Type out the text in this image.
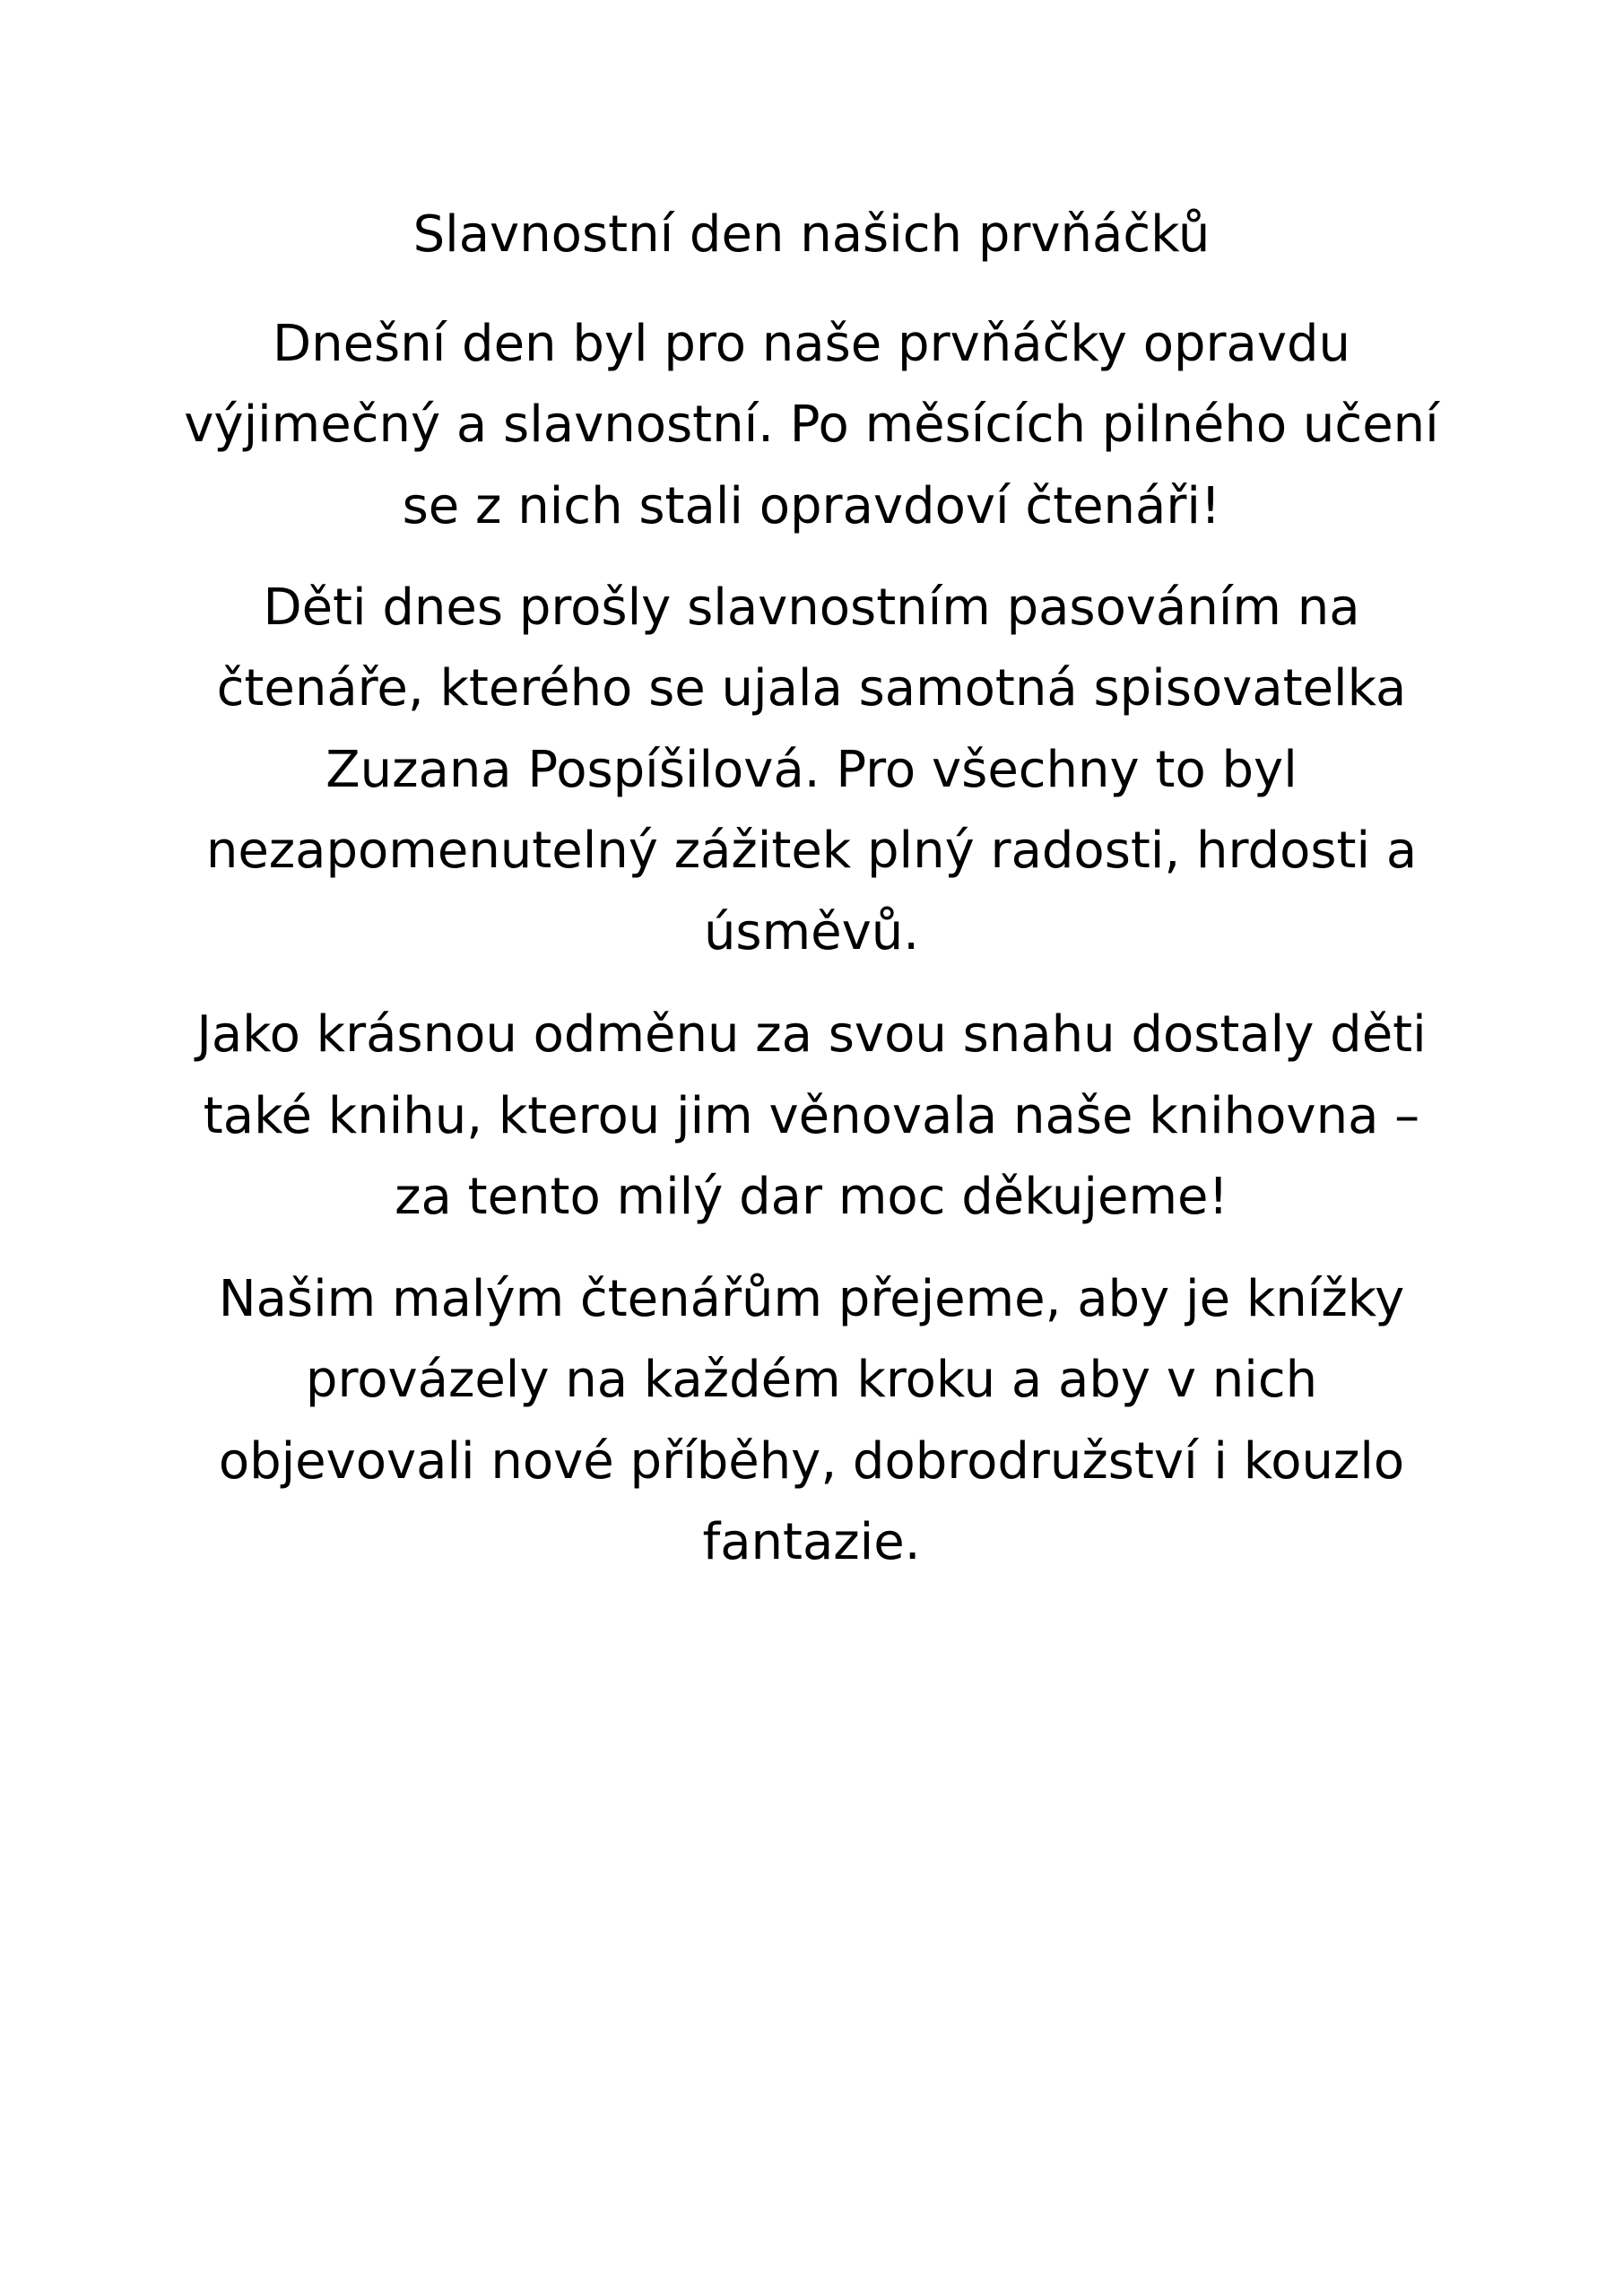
Slavnostní den našich prvňáčků
Dnešní den byl pro naše prvňáčky opravdu
výjimečný a slavnostní. Po měsících pilného učení
se z nich stali opravdoví čtenáři!
Děti dnes prošly slavnostním pasováním na
čtenáře, kterého se ujala samotná spisovatelka
Zuzana Pospíšilová. Pro všechny to byl
nezapomenutelný zážitek plný radosti, hrdosti a
úsměvů.
Jako krásnou odměnu za svou snahu dostaly děti
také knihu, kterou jim věnovala naše knihovna –
za tento milý dar moc děkujeme!
Našim malým čtenářům přejeme, aby je knížky
provázely na každém kroku a aby v nich
objevovali nové příběhy, dobrodružství i kouzlo
fantazie.
